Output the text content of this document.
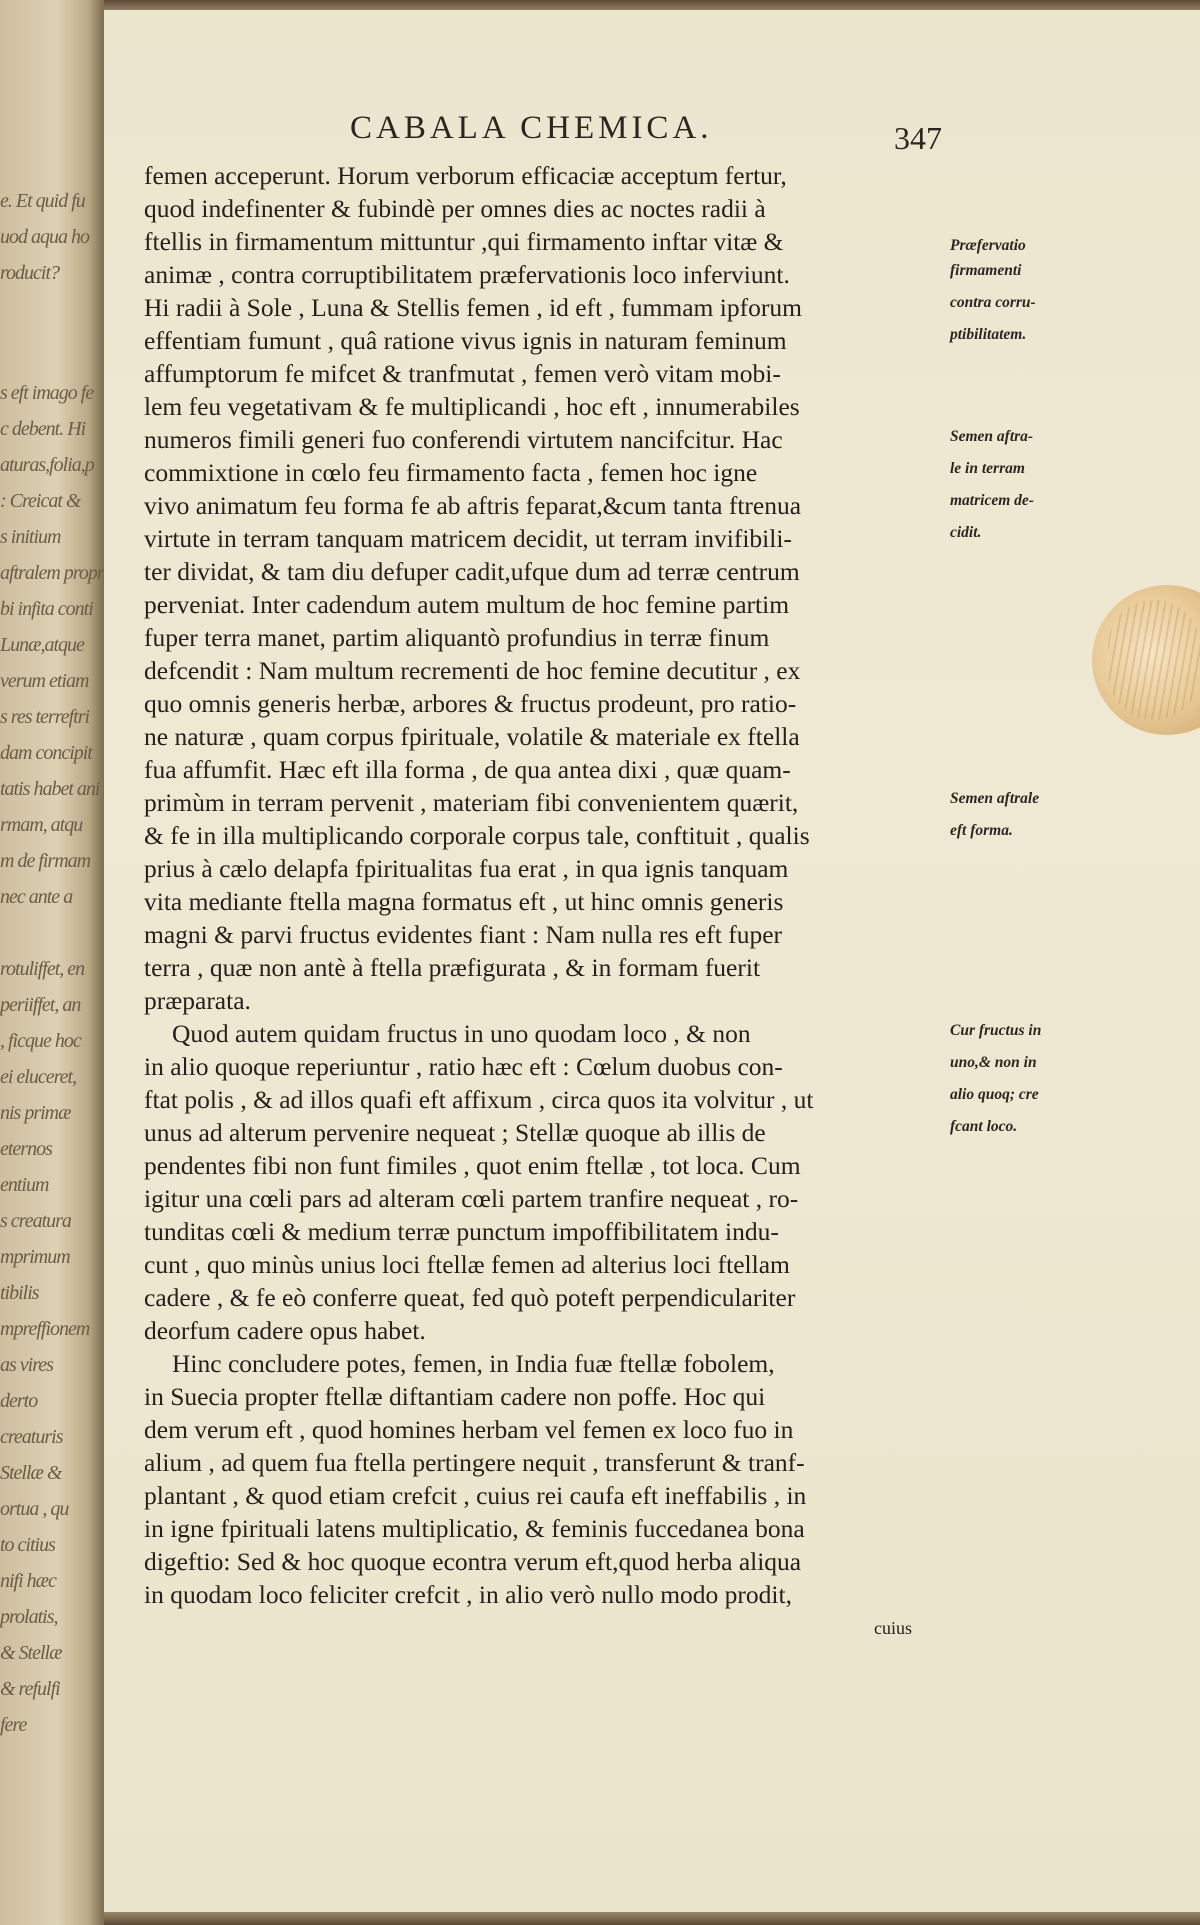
e. Et quid fu
uod aqua ho
roducit?
s eft imago fe
c debent. Hi
aturas,folia,p
: Creicat &
s initium
aftralem propr
bi infita conti
Lunæ,atque
verum etiam
s res terreftri
dam concipit
tatis habet ani
rmam, atqu
m de firmam
nec ante a
rotuliffet, en
periiffet, an
, ficque hoc
ei eluceret,
nis primæ
eternos
entium
s creatura
mprimum
tibilis
mpreffionem
as vires
derto
creaturis
Stellæ &
ortua , qu
to citius
nifi hæc
prolatis,
& Stellæ
& refulfi
fere
CABALA CHEMICA.	347
femen acceperunt. Horum verborum efficaciæ acceptum fertur,
quod indefinenter & fubindè per omnes dies ac noctes radii à
ftellis in firmamentum mittuntur ,qui firmamento inftar vitæ &
animæ , contra corruptibilitatem præfervationis loco inferviunt.
Hi radii à Sole , Luna & Stellis femen , id eft , fummam ipforum
effentiam fumunt , quâ ratione vivus ignis in naturam feminum
affumptorum fe mifcet & tranfmutat , femen verò vitam mobi-
lem feu vegetativam & fe multiplicandi , hoc eft , innumerabiles
numeros fimili generi fuo conferendi virtutem nancifcitur. Hac
commixtione in cœlo feu firmamento facta , femen hoc igne
vivo animatum feu forma fe ab aftris feparat,&cum tanta ftrenua
virtute in terram tanquam matricem decidit, ut terram invifibili-
ter dividat, & tam diu defuper cadit,ufque dum ad terræ centrum
perveniat. Inter cadendum autem multum de hoc femine partim
fuper terra manet, partim aliquantò profundius in terræ finum
defcendit : Nam multum recrementi de hoc femine decutitur , ex
quo omnis generis herbæ, arbores & fructus prodeunt, pro ratio-
ne naturæ , quam corpus fpirituale, volatile & materiale ex ftella
fua affumfit. Hæc eft illa forma , de qua antea dixi , quæ quam-
primùm in terram pervenit , materiam fibi convenientem quærit,
& fe in illa multiplicando corporale corpus tale, conftituit , qualis
prius à cælo delapfa fpiritualitas fua erat , in qua ignis tanquam
vita mediante ftella magna formatus eft , ut hinc omnis generis
magni & parvi fructus evidentes fiant : Nam nulla res eft fuper
terra , quæ non antè à ftella præfigurata , & in formam fuerit
præparata.
Quod autem quidam fructus in uno quodam loco , & non
in alio quoque reperiuntur , ratio hæc eft : Cœlum duobus con-
ftat polis , & ad illos quafi eft affixum , circa quos ita volvitur , ut
unus ad alterum pervenire nequeat ; Stellæ quoque ab illis de
pendentes fibi non funt fimiles , quot enim ftellæ , tot loca. Cum
igitur una cœli pars ad alteram cœli partem tranfire nequeat , ro-
tunditas cœli & medium terræ punctum impoffibilitatem indu-
cunt , quo minùs unius loci ftellæ femen ad alterius loci ftellam
cadere , & fe eò conferre queat, fed quò poteft perpendiculariter
deorfum cadere opus habet.
Hinc concludere potes, femen, in India fuæ ftellæ fobolem,
in Suecia propter ftellæ diftantiam cadere non poffe. Hoc qui
dem verum eft , quod homines herbam vel femen ex loco fuo in
alium , ad quem fua ftella pertingere nequit , transferunt & tranf-
plantant , & quod etiam crefcit , cuius rei caufa eft ineffabilis , in
in igne fpirituali latens multiplicatio, & feminis fuccedanea bona
digeftio: Sed & hoc quoque econtra verum eft,quod herba aliqua
in quodam loco feliciter crefcit , in alio verò nullo modo prodit,
cuius
Præfervatio
firmamenti
contra corru-
ptibilitatem.
Semen aftra-
le in terram
matricem de-
cidit.
Semen aftrale
eft forma.
Cur fructus in
uno,& non in
alio quoq; cre
fcant loco.
